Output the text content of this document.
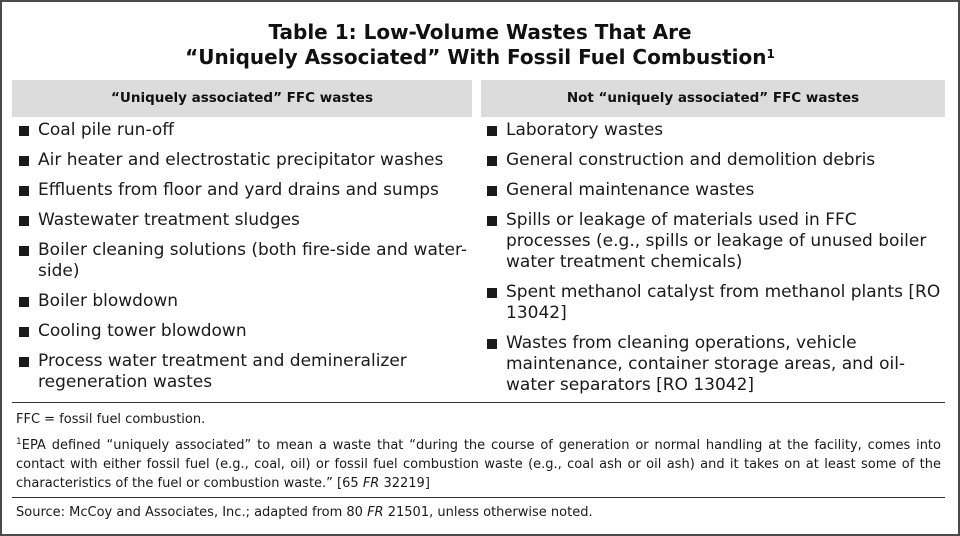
Table 1: Low-Volume Wastes That Are
“Uniquely Associated” With Fossil Fuel Combustion$^1$
“Uniquely associated” FFC wastes	Not “uniquely associated” FFC wastes
Coal pile run-off
Air heater and electrostatic precipitator washes
Effluents from floor and yard drains and sumps
Wastewater treatment sludges
Boiler cleaning solutions (both fire-side and water-side)
Boiler blowdown
Cooling tower blowdown
Process water treatment and demineralizer regeneration wastes
Laboratory wastes
General construction and demolition debris
General maintenance wastes
Spills or leakage of materials used in FFC processes (e.g., spills or leakage of unused boiler water treatment chemicals)
Spent methanol catalyst from methanol plants [RO 13042]
Wastes from cleaning operations, vehicle maintenance, container storage areas, and oil-water separators [RO 13042]
FFC = fossil fuel combustion.
$^1$EPA defined “uniquely associated” to mean a waste that “during the course of generation or normal handling at the facility, comes into contact with either fossil fuel (e.g., coal, oil) or fossil fuel combustion waste (e.g., coal ash or oil ash) and it takes on at least some of the characteristics of the fuel or combustion waste.” [65 FR 32219]
Source: McCoy and Associates, Inc.; adapted from 80 FR 21501, unless otherwise noted.
